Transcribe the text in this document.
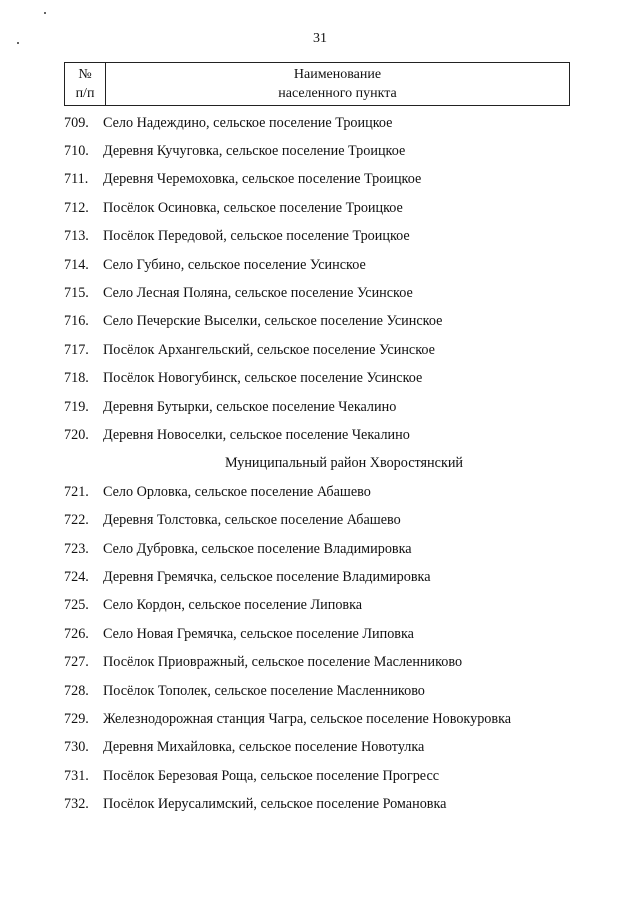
31
№
п/п
Наименование
населенного пункта
709. Село Надеждино, сельское поселение Троицкое
710. Деревня Кучуговка, сельское поселение Троицкое
711.	Деревня Черемоховка, сельское поселение Троицкое
712. Посёлок Осиновка, сельское поселение Троицкое
713. Посёлок Передовой, сельское поселение Троицкое
714. Село Губино, сельское поселение Усинское
715. Село Лесная Поляна, сельское поселение Усинское
716. Село Печерские Выселки, сельское поселение Усинское
717. Посёлок Архангельский, сельское поселение Усинское
718. Посёлок Новогубинск, сельское поселение Усинское
719. Деревня Бутырки, сельское поселение Чекалино
720. Деревня Новоселки, сельское поселение Чекалино
Муниципальный район Хворостянский
721. Село Орловка, сельское поселение Абашево
722. Деревня Толстовка, сельское поселение Абашево
723. Село Дубровка, сельское поселение Владимировка
724. Деревня Гремячка, сельское поселение Владимировка
725. Село Кордон, сельское поселение Липовка
726. Село Новая Гремячка, сельское поселение Липовка
727. Посёлок Приовражный, сельское поселение Масленниково
728. Посёлок Тополек, сельское поселение Масленниково
729. Железнодорожная станция Чагра, сельское поселение Новокуровка
730. Деревня Михайловка, сельское поселение Новотулка
731. Посёлок Березовая Роща, сельское поселение Прогресс
732. Посёлок Иерусалимский, сельское поселение Романовка
